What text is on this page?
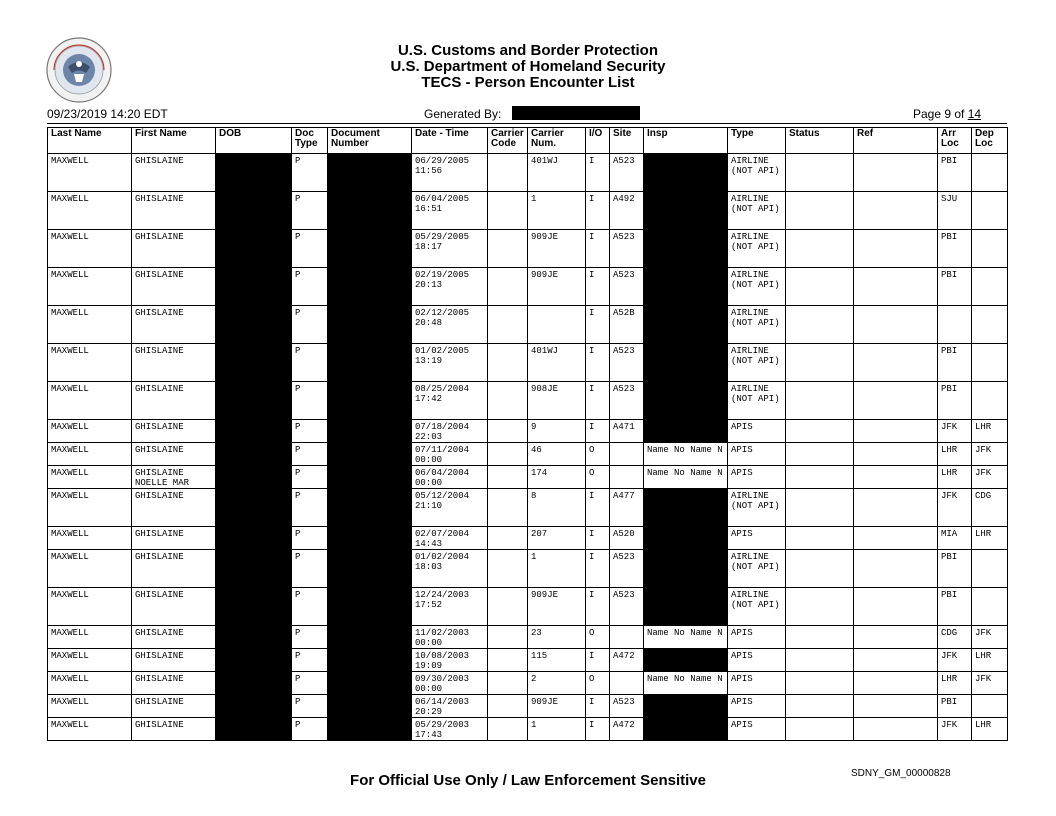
U.S. Customs and Border Protection
U.S. Department of Homeland Security
TECS - Person Encounter List
09/23/2019 14:20 EDT	Generated By:	Page 9 of 14
Last Name	First Name	DOB	Doc Type	Document Number	Date - Time	Carrier Code	Carrier Num.	I/O	Site	Insp	Type	Status	Ref	Arr Loc	Dep Loc
MAXWELL	GHISLAINE		P		06/29/2005 11:56		401WJ	I	A523		AIRLINE (NOT API)			PBI	
MAXWELL	GHISLAINE		P		06/04/2005 16:51		1	I	A492		AIRLINE (NOT API)			SJU	
MAXWELL	GHISLAINE		P		05/29/2005 18:17		909JE	I	A523		AIRLINE (NOT API)			PBI	
MAXWELL	GHISLAINE		P		02/19/2005 20:13		909JE	I	A523		AIRLINE (NOT API)			PBI	
MAXWELL	GHISLAINE		P		02/12/2005 20:48			I	A52B		AIRLINE (NOT API)				
MAXWELL	GHISLAINE		P		01/02/2005 13:19		401WJ	I	A523		AIRLINE (NOT API)			PBI	
MAXWELL	GHISLAINE		P		08/25/2004 17:42		908JE	I	A523		AIRLINE (NOT API)			PBI	
MAXWELL	GHISLAINE		P		07/18/2004 22:03		9	I	A471		APIS			JFK	LHR
MAXWELL	GHISLAINE		P		07/11/2004 00:00		46	O		Name No Name N	APIS			LHR	JFK
MAXWELL	GHISLAINE NOELLE MAR		P		06/04/2004 00:00		174	O		Name No Name N	APIS			LHR	JFK
MAXWELL	GHISLAINE		P		05/12/2004 21:10		8	I	A477		AIRLINE (NOT API)			JFK	CDG
MAXWELL	GHISLAINE		P		02/07/2004 14:43		207	I	A520		APIS			MIA	LHR
MAXWELL	GHISLAINE		P		01/02/2004 18:03		1	I	A523		AIRLINE (NOT API)			PBI	
MAXWELL	GHISLAINE		P		12/24/2003 17:52		909JE	I	A523		AIRLINE (NOT API)			PBI	
MAXWELL	GHISLAINE		P		11/02/2003 00:00		23	O		Name No Name N	APIS			CDG	JFK
MAXWELL	GHISLAINE		P		10/08/2003 19:09		115	I	A472		APIS			JFK	LHR
MAXWELL	GHISLAINE		P		09/30/2003 00:00		2	O		Name No Name N	APIS			LHR	JFK
MAXWELL	GHISLAINE		P		06/14/2003 20:29		909JE	I	A523		APIS			PBI	
MAXWELL	GHISLAINE		P		05/29/2003 17:43		1	I	A472		APIS			JFK	LHR
For Official Use Only / Law Enforcement Sensitive	SDNY_GM_00000828
